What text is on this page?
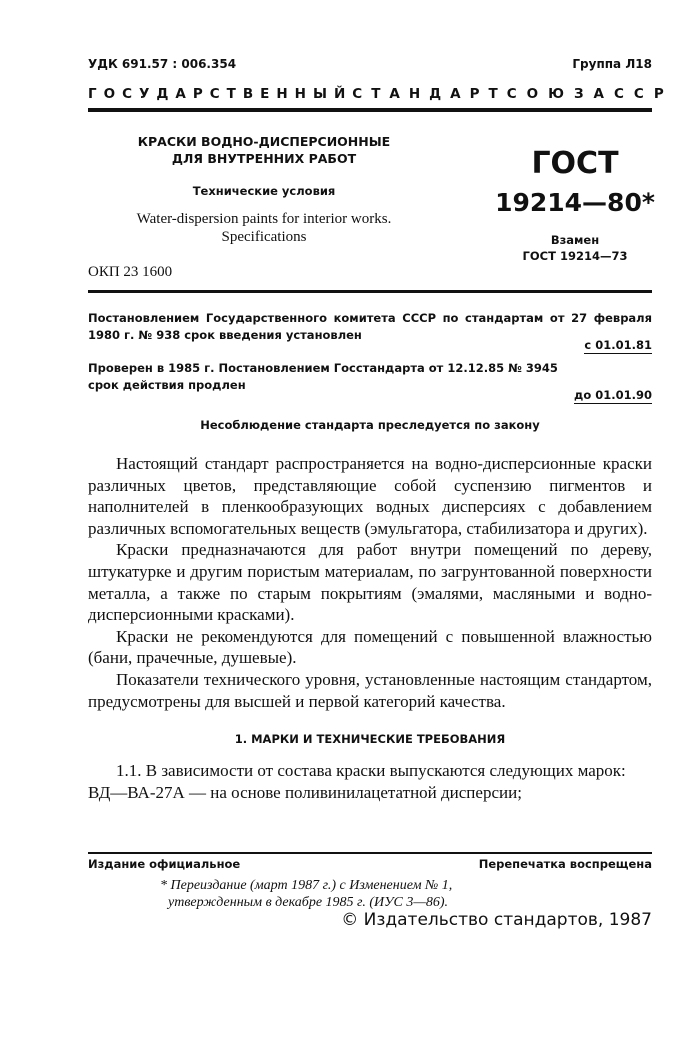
УДК 691.57 : 006.354	Группа Л18
ГОСУДАРСТВЕННЫЙ СТАНДАРТ СОЮЗА ССР
КРАСКИ ВОДНО-ДИСПЕРСИОННЫЕ
ДЛЯ ВНУТРЕННИХ РАБОТ
Технические условия
Water-dispersion paints for interior works.
Specifications
ОКП 23 1600
ГОСТ
19214—80*
Взамен
ГОСТ 19214—73
Постановлением Государственного комитета СССР по стандартам от 27 февраля 1980 г. № 938 срок введения установлен
с 01.01.81
Проверен в 1985 г. Постановлением Госстандарта от 12.12.85 № 3945 срок действия продлен
до 01.01.90
Несоблюдение стандарта преследуется по закону

Настоящий стандарт распространяется на водно-дисперсионные краски различных цветов, представляющие собой суспензию пигментов и наполнителей в пленкообразующих водных дисперсиях с добавлением различных вспомогательных веществ (эмульгатора, стабилизатора и других).

Краски предназначаются для работ внутри помещений по дереву, штукатурке и другим пористым материалам, по загрунтованной поверхности металла, а также по старым покрытиям (эмалями, масляными и водно-дисперсионными красками).

Краски не рекомендуются для помещений с повышенной влажностью (бани, прачечные, душевые).

Показатели технического уровня, установленные настоящим стандартом, предусмотрены для высшей и первой категорий качества.

1. МАРКИ И ТЕХНИЧЕСКИЕ ТРЕБОВАНИЯ

1.1. В зависимости от состава краски выпускаются следующих марок:

ВД—ВА-27А — на основе поливинилацетатной дисперсии;

Издание официальное	Перепечатка воспрещена
* Переиздание (март 1987 г.) с Изменением № 1,
утвержденным в декабре 1985 г. (ИУС 3—86).
© Издательство стандартов, 1987
